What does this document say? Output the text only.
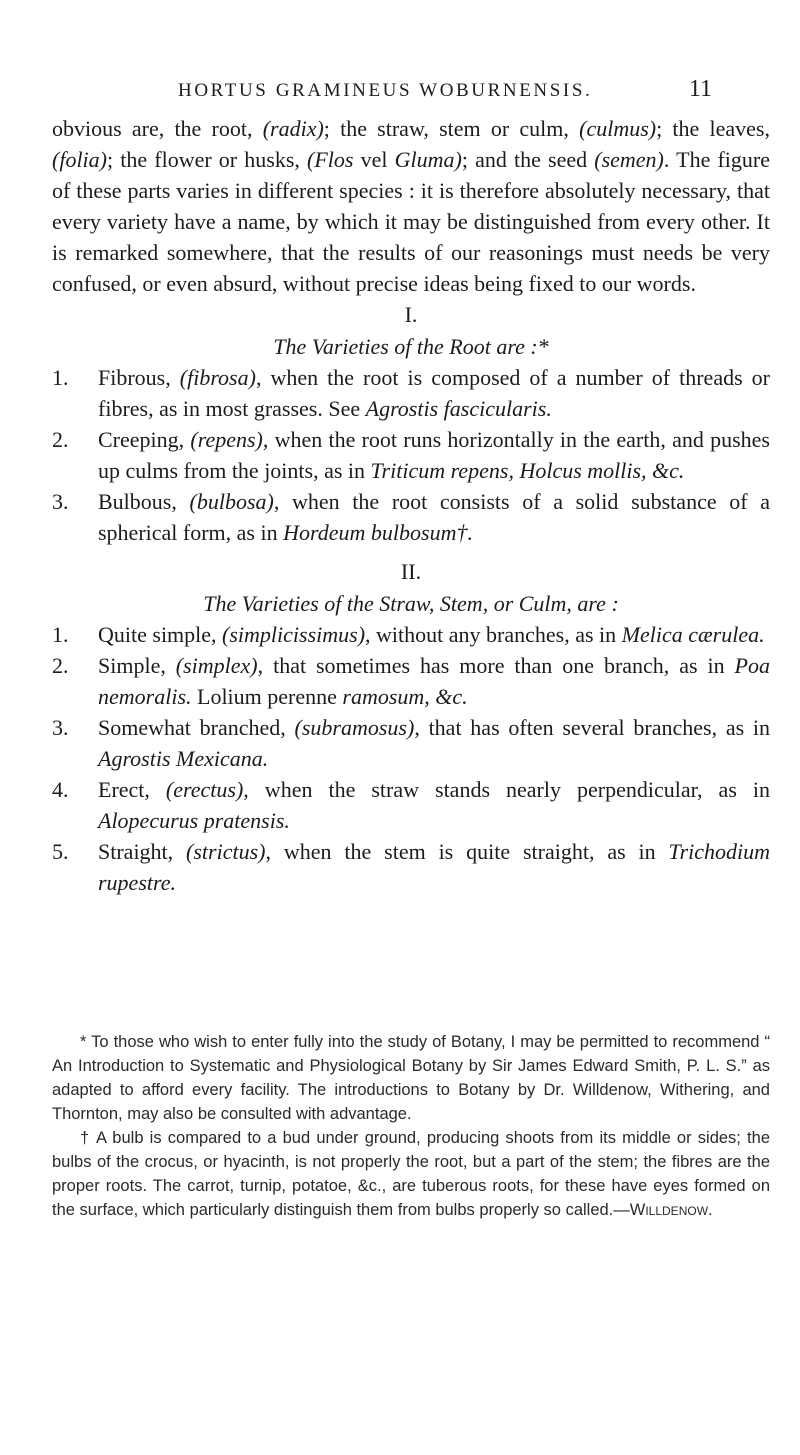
HORTUS GRAMINEUS WOBURNENSIS.	11

obvious are, the root, (radix); the straw, stem or culm, (culmus); the leaves, (folia); the flower or husks, (Flos vel Gluma); and the seed (semen). The figure of these parts varies in different species : it is therefore absolutely necessary, that every variety have a name, by which it may be distinguished from every other. It is remarked somewhere, that the results of our reasonings must needs be very confused, or even absurd, without precise ideas being fixed to our words.

I.

The Varieties of the Root are :*

1. Fibrous, (fibrosa), when the root is composed of a number of threads or fibres, as in most grasses. See Agrostis fascicularis.
2. Creeping, (repens), when the root runs horizontally in the earth, and pushes up culms from the joints, as in Triticum repens, Holcus mollis, &c.
3. Bulbous, (bulbosa), when the root consists of a solid substance of a spherical form, as in Hordeum bulbosum†.

II.

The Varieties of the Straw, Stem, or Culm, are :

1. Quite simple, (simplicissimus), without any branches, as in Melica cærulea.
2. Simple, (simplex), that sometimes has more than one branch, as in Poa nemoralis. Lolium perenne ramosum, &c.
3. Somewhat branched, (subramosus), that has often several branches, as in Agrostis Mexicana.
4. Erect, (erectus), when the straw stands nearly perpendicular, as in Alopecurus pratensis.
5. Straight, (strictus), when the stem is quite straight, as in Trichodium rupestre.

* To those who wish to enter fully into the study of Botany, I may be permitted to recommend “ An Introduction to Systematic and Physiological Botany by Sir James Edward Smith, P. L. S.” as adapted to afford every facility. The introductions to Botany by Dr. Willdenow, Withering, and Thornton, may also be consulted with advantage.

† A bulb is compared to a bud under ground, producing shoots from its middle or sides; the bulbs of the crocus, or hyacinth, is not properly the root, but a part of the stem; the fibres are the proper roots. The carrot, turnip, potatoe, &c., are tuberous roots, for these have eyes formed on the surface, which particularly distinguish them from bulbs properly so called.—Willdenow.
